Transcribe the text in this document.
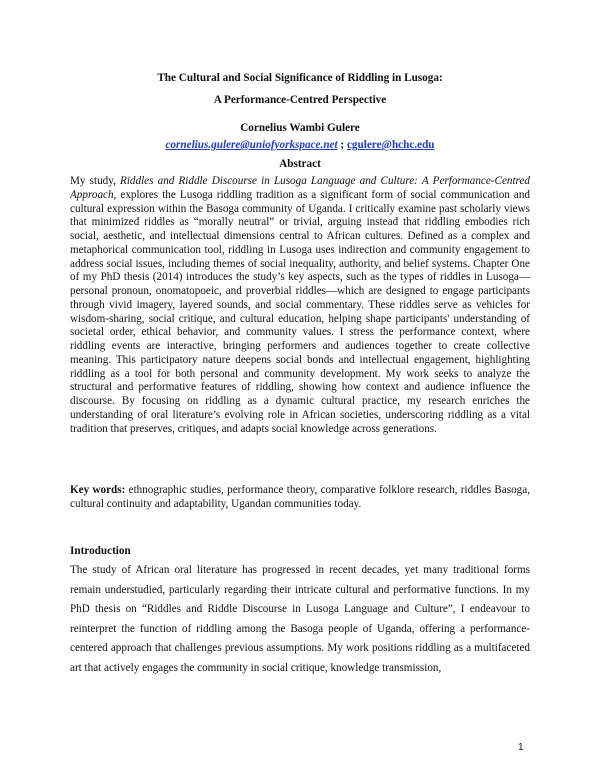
The Cultural and Social Significance of Riddling in Lusoga:
A Performance-Centred Perspective
Cornelius Wambi Gulere
cornelius.gulere@uniofyorkspace.net ; cgulere@hchc.edu
Abstract

My study, Riddles and Riddle Discourse in Lusoga Language and Culture: A Performance-Centred Approach, explores the Lusoga riddling tradition as a significant form of social communication and cultural expression within the Basoga community of Uganda. I critically examine past scholarly views that minimized riddles as “morally neutral” or trivial, arguing instead that riddling embodies rich social, aesthetic, and intellectual dimensions central to African cultures. Defined as a complex and metaphorical communication tool, riddling in Lusoga uses indirection and community engagement to address social issues, including themes of social inequality, authority, and belief systems. Chapter One of my PhD thesis (2014) introduces the study’s key aspects, such as the types of riddles in Lusoga—personal pronoun, onomatopoeic, and proverbial riddles—which are designed to engage participants through vivid imagery, layered sounds, and social commentary. These riddles serve as vehicles for wisdom-sharing, social critique, and cultural education, helping shape participants' understanding of societal order, ethical behavior, and community values. I stress the performance context, where riddling events are interactive, bringing performers and audiences together to create collective meaning. This participatory nature deepens social bonds and intellectual engagement, highlighting riddling as a tool for both personal and community development. My work seeks to analyze the structural and performative features of riddling, showing how context and audience influence the discourse. By focusing on riddling as a dynamic cultural practice, my research enriches the understanding of oral literature’s evolving role in African societies, underscoring riddling as a vital tradition that preserves, critiques, and adapts social knowledge across generations.

Key words: ethnographic studies, performance theory, comparative folklore research, riddles Basoga, cultural continuity and adaptability, Ugandan communities today.

Introduction

The study of African oral literature has progressed in recent decades, yet many traditional forms remain understudied, particularly regarding their intricate cultural and performative functions. In my PhD thesis on “Riddles and Riddle Discourse in Lusoga Language and Culture”, I endeavour to reinterpret the function of riddling among the Basoga people of Uganda, offering a performance-centered approach that challenges previous assumptions. My work positions riddling as a multifaceted art that actively engages the community in social critique, knowledge transmission,

1
